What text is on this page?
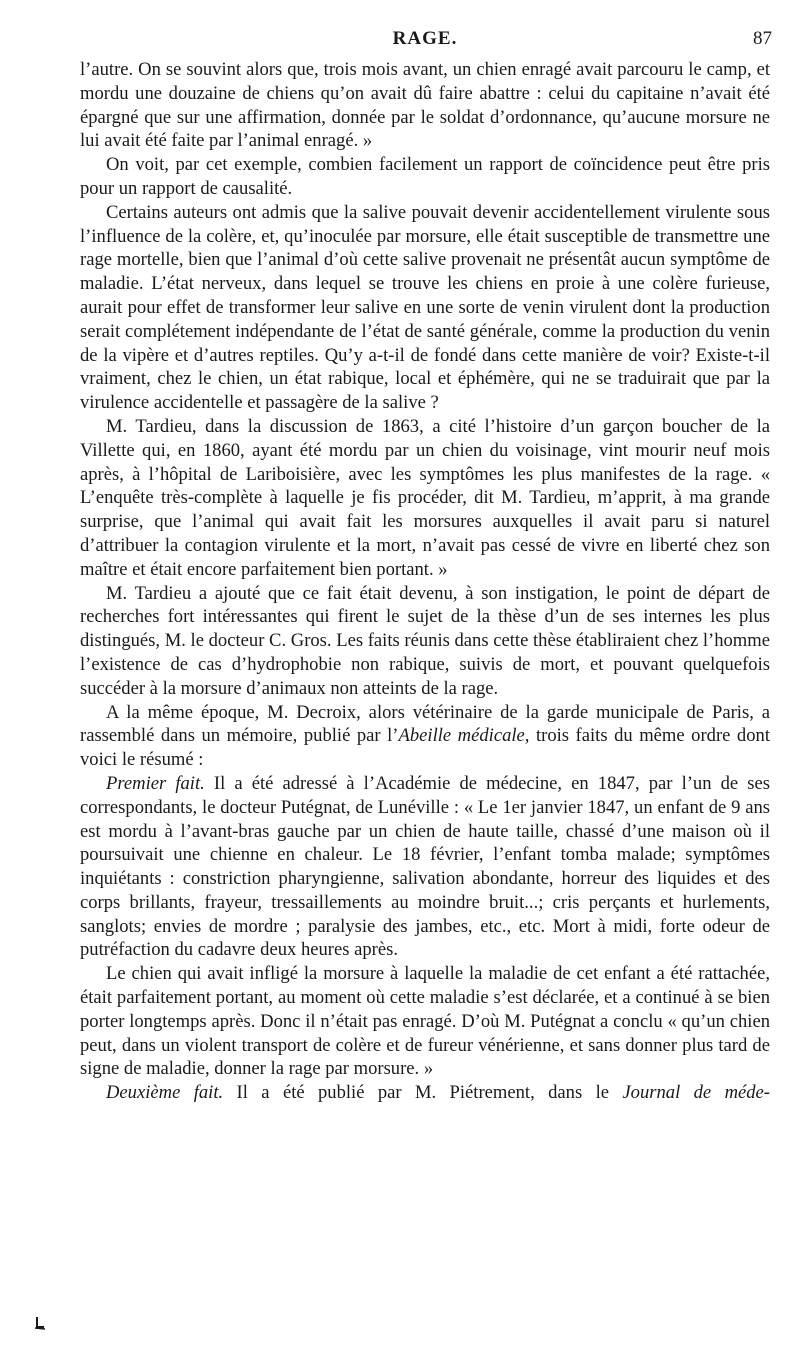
RAGE.	87

l’autre. On se souvint alors que, trois mois avant, un chien enragé avait parcouru le camp, et mordu une douzaine de chiens qu’on avait dû faire abattre : celui du capitaine n’avait été épargné que sur une affirmation, donnée par le soldat d’ordonnance, qu’aucune morsure ne lui avait été faite par l’animal enragé. »

On voit, par cet exemple, combien facilement un rapport de coïncidence peut être pris pour un rapport de causalité.

Certains auteurs ont admis que la salive pouvait devenir accidentellement virulente sous l’influence de la colère, et, qu’inoculée par morsure, elle était susceptible de transmettre une rage mortelle, bien que l’animal d’où cette salive provenait ne présentât aucun symptôme de maladie. L’état nerveux, dans lequel se trouve les chiens en proie à une colère furieuse, aurait pour effet de transformer leur salive en une sorte de venin virulent dont la production serait complétement indépendante de l’état de santé générale, comme la production du venin de la vipère et d’autres reptiles. Qu’y a-t-il de fondé dans cette manière de voir? Existe-t-il vraiment, chez le chien, un état rabique, local et éphémère, qui ne se traduirait que par la virulence accidentelle et passagère de la salive ?

M. Tardieu, dans la discussion de 1863, a cité l’histoire d’un garçon boucher de la Villette qui, en 1860, ayant été mordu par un chien du voisinage, vint mourir neuf mois après, à l’hôpital de Lariboisière, avec les symptômes les plus manifestes de la rage. « L’enquête très-complète à laquelle je fis procéder, dit M. Tardieu, m’apprit, à ma grande surprise, que l’animal qui avait fait les morsures auxquelles il avait paru si naturel d’attribuer la contagion virulente et la mort, n’avait pas cessé de vivre en liberté chez son maître et était encore parfaitement bien portant. »

M. Tardieu a ajouté que ce fait était devenu, à son instigation, le point de départ de recherches fort intéressantes qui firent le sujet de la thèse d’un de ses internes les plus distingués, M. le docteur C. Gros. Les faits réunis dans cette thèse établiraient chez l’homme l’existence de cas d’hydrophobie non rabique, suivis de mort, et pouvant quelquefois succéder à la morsure d’animaux non atteints de la rage.

A la même époque, M. Decroix, alors vétérinaire de la garde municipale de Paris, a rassemblé dans un mémoire, publié par l’Abeille médicale, trois faits du même ordre dont voici le résumé :

Premier fait. Il a été adressé à l’Académie de médecine, en 1847, par l’un de ses correspondants, le docteur Putégnat, de Lunéville : « Le 1er janvier 1847, un enfant de 9 ans est mordu à l’avant-bras gauche par un chien de haute taille, chassé d’une maison où il poursuivait une chienne en chaleur. Le 18 février, l’enfant tomba malade; symptômes inquiétants : constriction pharyngienne, salivation abondante, horreur des liquides et des corps brillants, frayeur, tressaillements au moindre bruit...; cris perçants et hurlements, sanglots; envies de mordre ; paralysie des jambes, etc., etc. Mort à midi, forte odeur de putréfaction du cadavre deux heures après.

Le chien qui avait infligé la morsure à laquelle la maladie de cet enfant a été rattachée, était parfaitement portant, au moment où cette maladie s’est déclarée, et a continué à se bien porter longtemps après. Donc il n’était pas enragé. D’où M. Putégnat a conclu « qu’un chien peut, dans un violent transport de colère et de fureur vénérienne, et sans donner plus tard de signe de maladie, donner la rage par morsure. »

Deuxième fait. Il a été publié par M. Piétrement, dans le Journal de méde-
